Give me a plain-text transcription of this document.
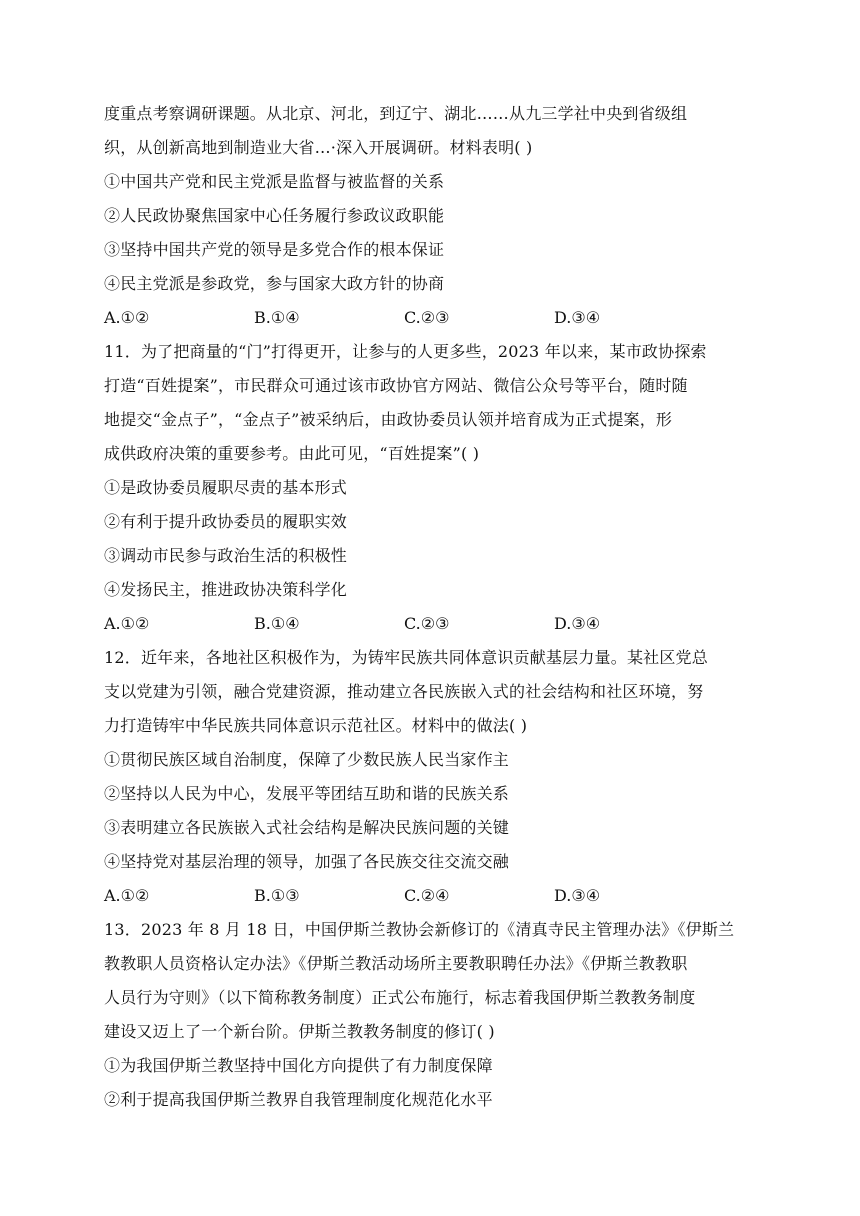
度重点考察调研课题。从北京、河北，到辽宁、湖北……从九三学社中央到省级组
织，从创新高地到制造业大省…·深入开展调研。材料表明( )
①中国共产党和民主党派是监督与被监督的关系
②人民政协聚焦国家中心任务履行参政议政职能
③坚持中国共产党的领导是多党合作的根本保证
④民主党派是参政党，参与国家大政方针的协商
A.①②	B.①④	C.②③	D.③④
11．为了把商量的“门”打得更开，让参与的人更多些，2023 年以来，某市政协探索
打造“百姓提案”，市民群众可通过该市政协官方网站、微信公众号等平台，随时随
地提交“金点子”，“金点子”被采纳后，由政协委员认领并培育成为正式提案，形
成供政府决策的重要参考。由此可见，“百姓提案”( )
①是政协委员履职尽责的基本形式
②有利于提升政协委员的履职实效
③调动市民参与政治生活的积极性
④发扬民主，推进政协决策科学化
A.①②	B.①④	C.②③	D.③④
12．近年来，各地社区积极作为，为铸牢民族共同体意识贡献基层力量。某社区党总
支以党建为引领，融合党建资源，推动建立各民族嵌入式的社会结构和社区环境，努
力打造铸牢中华民族共同体意识示范社区。材料中的做法( )
①贯彻民族区域自治制度，保障了少数民族人民当家作主
②坚持以人民为中心，发展平等团结互助和谐的民族关系
③表明建立各民族嵌入式社会结构是解决民族问题的关键
④坚持党对基层治理的领导，加强了各民族交往交流交融
A.①②	B.①③	C.②④	D.③④
13．2023 年 8 月 18 日，中国伊斯兰教协会新修订的《清真寺民主管理办法》《伊斯兰
教教职人员资格认定办法》《伊斯兰教活动场所主要教职聘任办法》《伊斯兰教教职
人员行为守则》（以下简称教务制度）正式公布施行，标志着我国伊斯兰教教务制度
建设又迈上了一个新台阶。伊斯兰教教务制度的修订( )
①为我国伊斯兰教坚持中国化方向提供了有力制度保障
②利于提高我国伊斯兰教界自我管理制度化规范化水平
